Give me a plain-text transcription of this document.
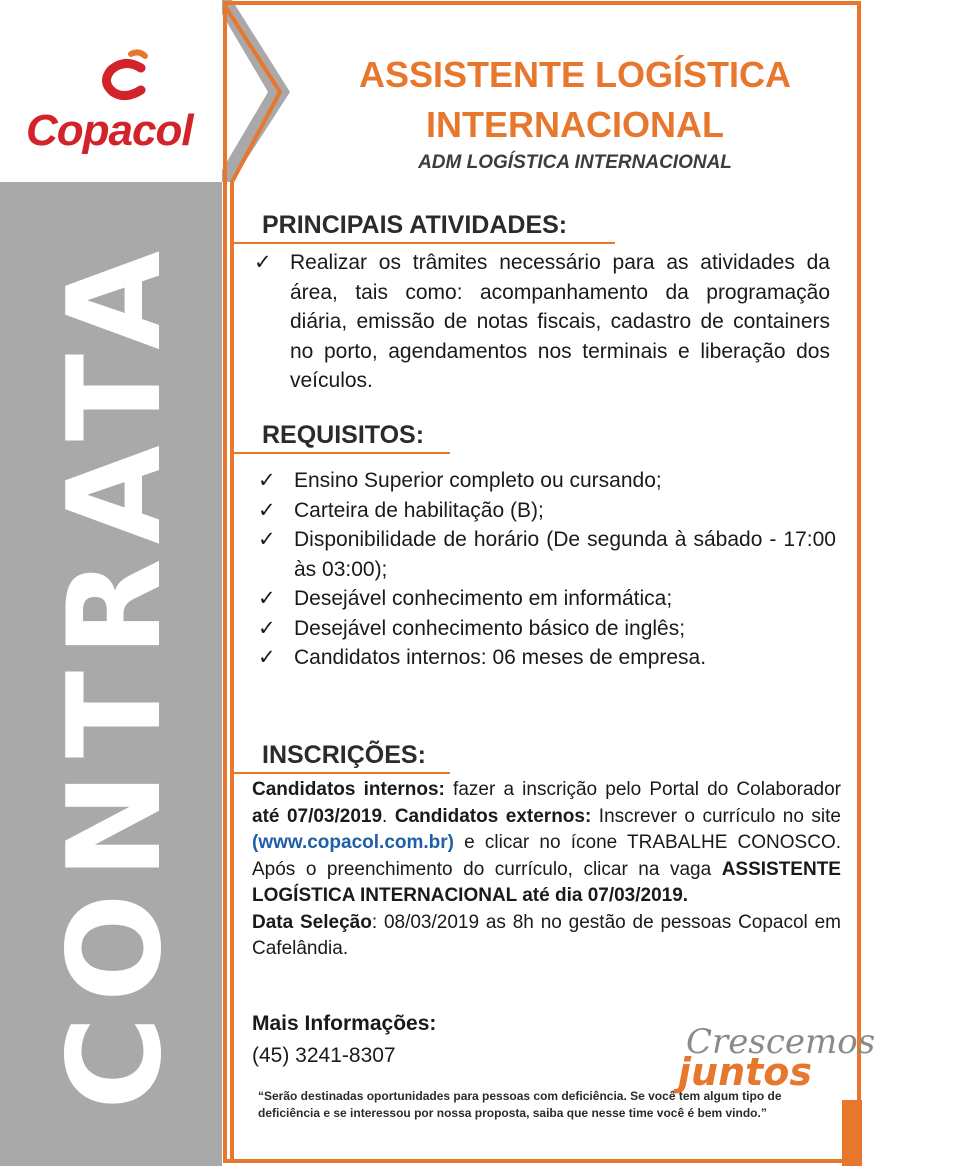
Copacol
CONTRATA
ASSISTENTE LOGÍSTICA
INTERNACIONAL
ADM LOGÍSTICA INTERNACIONAL
PRINCIPAIS ATIVIDADES:
✓ Realizar os trâmites necessário para as atividades da área, tais como: acompanhamento da programação diária, emissão de notas fiscais, cadastro de containers no porto, agendamentos nos terminais e liberação dos veículos.
REQUISITOS:
✓ Ensino Superior completo ou cursando;
✓ Carteira de habilitação (B);
✓ Disponibilidade de horário (De segunda à sábado - 17:00 às 03:00);
✓ Desejável conhecimento em informática;
✓ Desejável conhecimento básico de inglês;
✓ Candidatos internos: 06 meses de empresa.
INSCRIÇÕES:
Candidatos internos: fazer a inscrição pelo Portal do Colaborador até 07/03/2019. Candidatos externos: Inscrever o currículo no site (www.copacol.com.br) e clicar no ícone TRABALHE CONOSCO. Após o preenchimento do currículo, clicar na vaga ASSISTENTE LOGÍSTICA INTERNACIONAL até dia 07/03/2019.
Data Seleção: 08/03/2019 as 8h no gestão de pessoas Copacol em Cafelândia.
Mais Informações:
(45) 3241-8307	Crescemos
juntos
“Serão destinadas oportunidades para pessoas com deficiência. Se você tem algum tipo de deficiência e se interessou por nossa proposta, saiba que nesse time você é bem vindo.”
